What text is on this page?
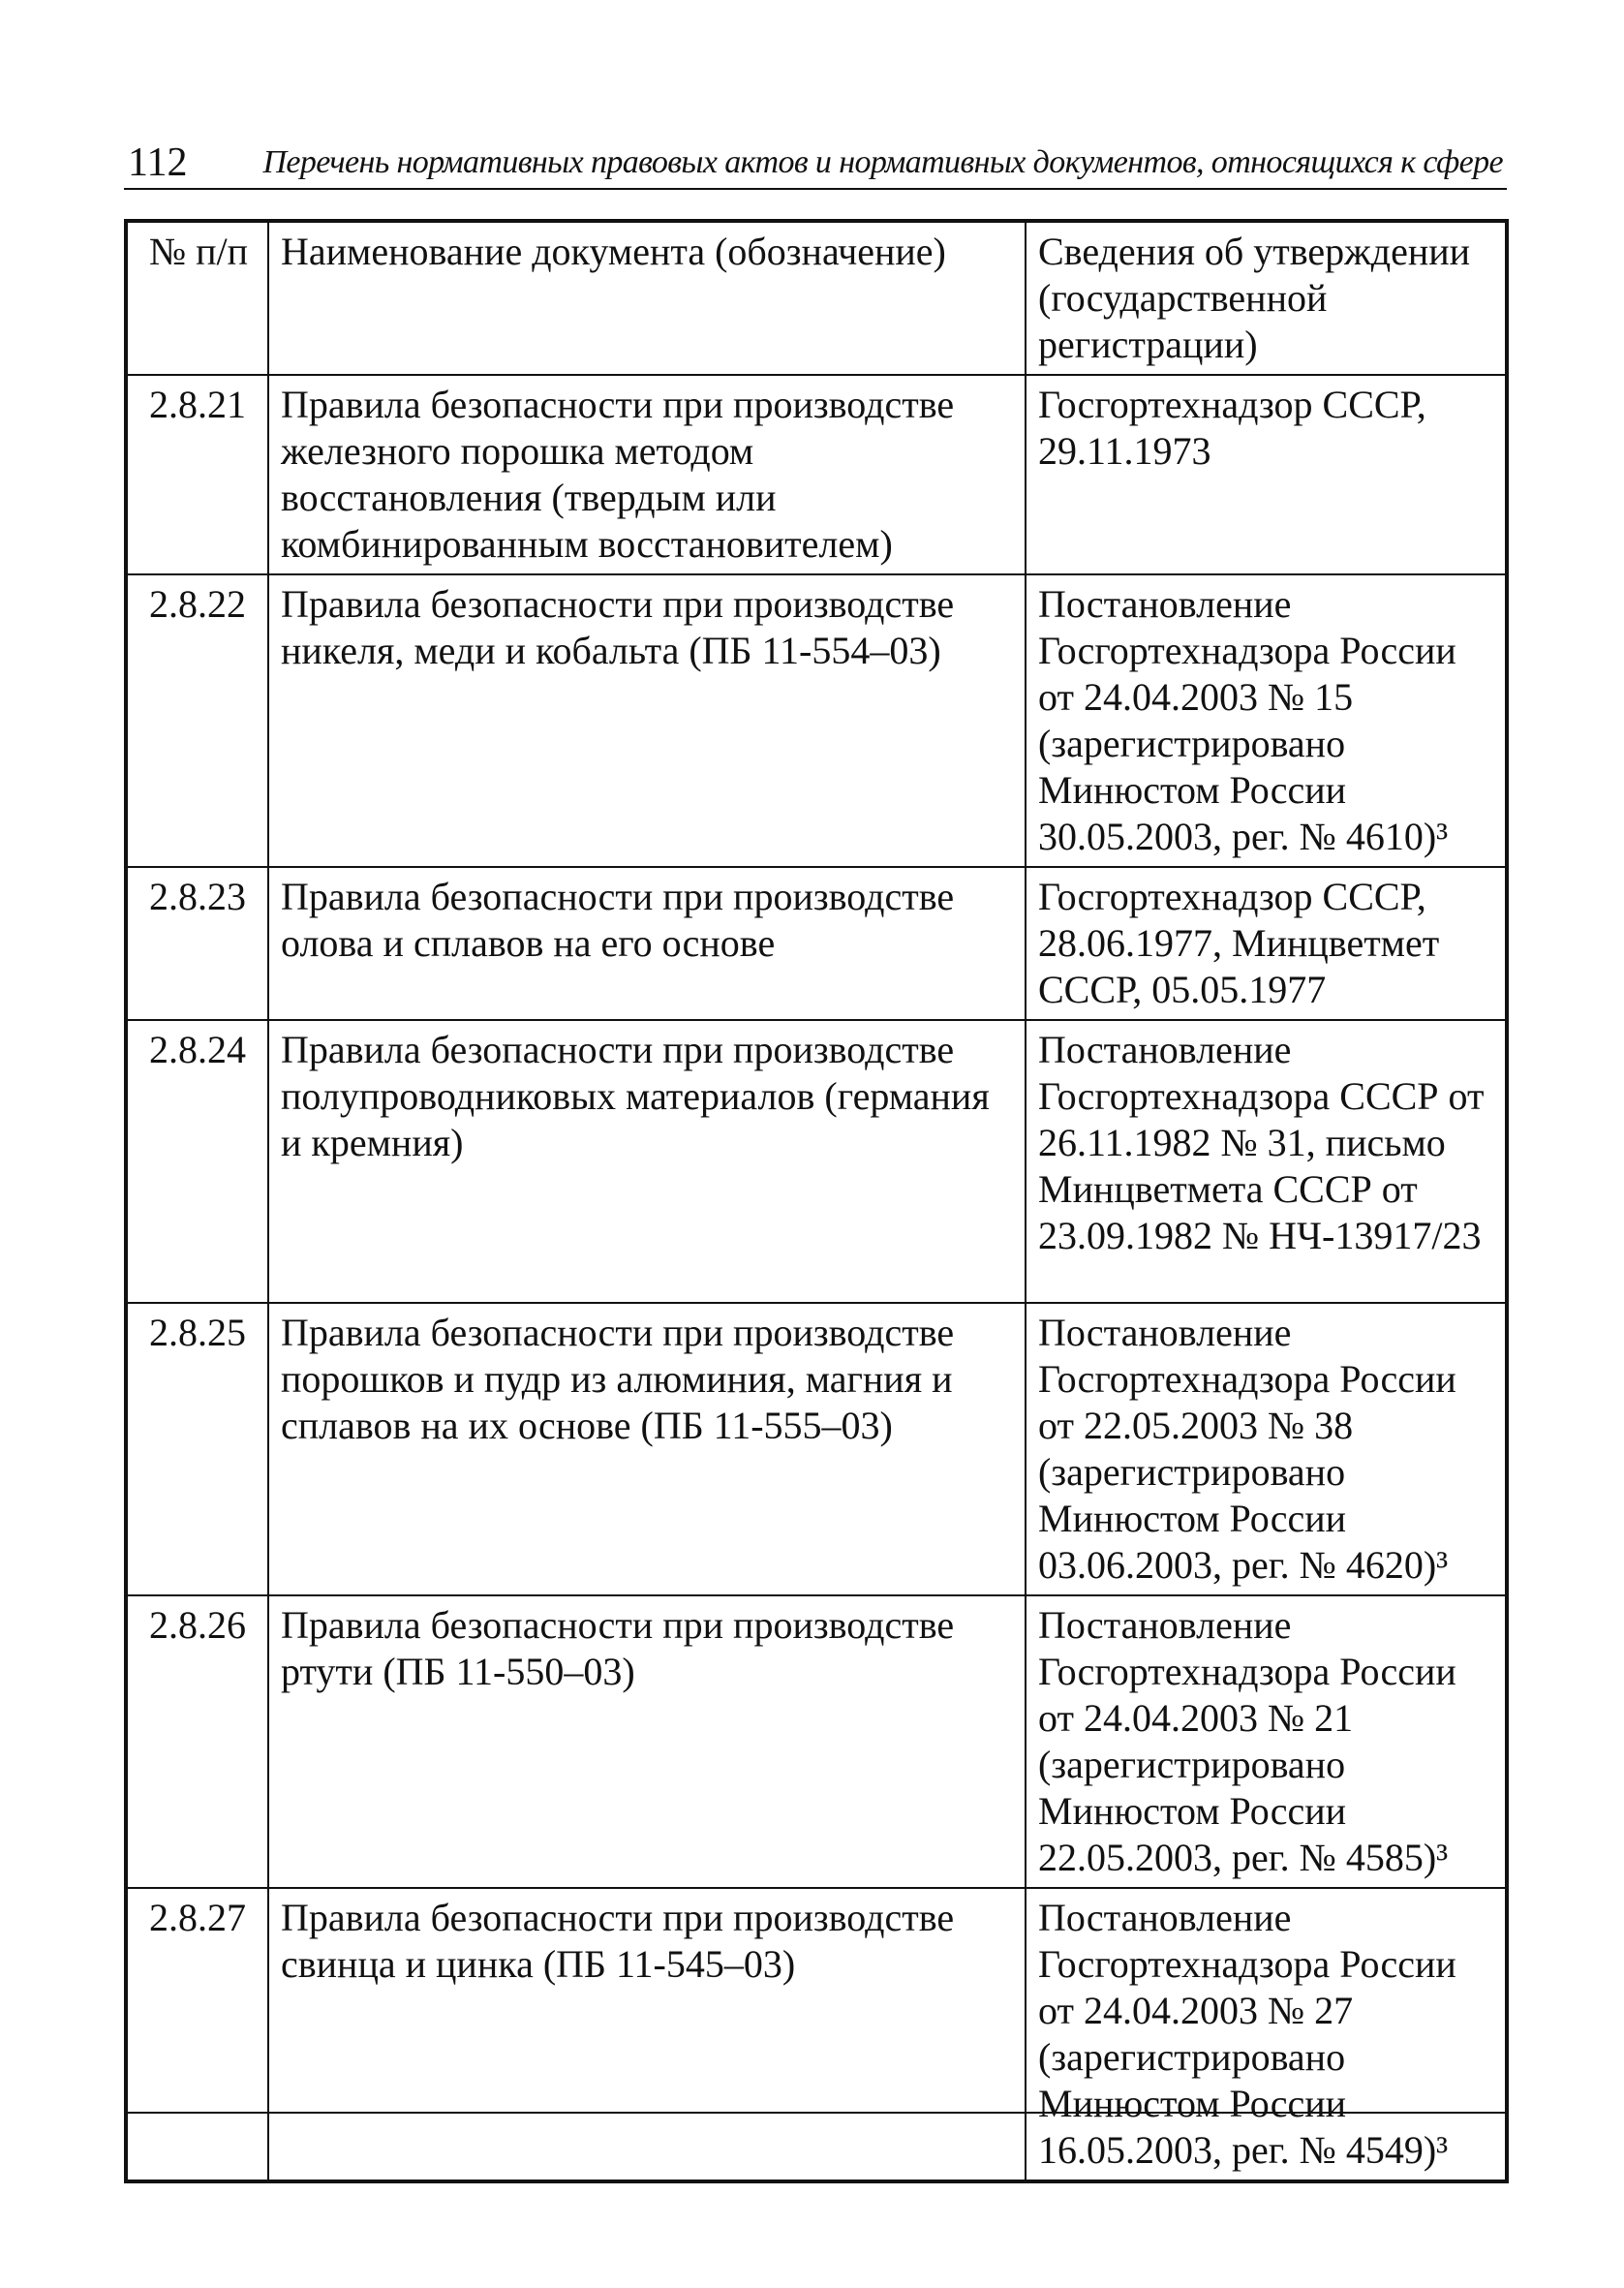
112 Перечень нормативных правовых актов и нормативных документов, относящихся к сфере
№ п/п	Наименование документа (обозначение)	Сведения об утверждении (государственной регистрации)
2.8.21	Правила безопасности при производстве железного порошка методом восстановления (твердым или комбинированным восстановителем)	Госгортехнадзор СССР, 29.11.1973
2.8.22	Правила безопасности при производстве никеля, меди и кобальта (ПБ 11-554–03)	Постановление Госгортехнадзора России от 24.04.2003 № 15 (зарегистрировано Минюстом России 30.05.2003, рег. № 4610)³
2.8.23	Правила безопасности при производстве олова и сплавов на его основе	Госгортехнадзор СССР, 28.06.1977, Минцветмет СССР, 05.05.1977
2.8.24	Правила безопасности при производстве полупроводниковых материалов (германия и кремния)	Постановление Госгортехнадзора СССР от 26.11.1982 № 31, письмо Минцветмета СССР от 23.09.1982 № НЧ-13917/23
2.8.25	Правила безопасности при производстве порошков и пудр из алюминия, магния и сплавов на их основе (ПБ 11-555–03)	Постановление Госгортехнадзора России от 22.05.2003 № 38 (зарегистрировано Минюстом России 03.06.2003, рег. № 4620)³
2.8.26	Правила безопасности при производстве ртути (ПБ 11-550–03)	Постановление Госгортехнадзора России от 24.04.2003 № 21 (зарегистрировано Минюстом России 22.05.2003, рег. № 4585)³
2.8.27	Правила безопасности при производстве свинца и цинка (ПБ 11-545–03)	Постановление Госгортехнадзора России от 24.04.2003 № 27 (зарегистрировано Минюстом России 16.05.2003, рег. № 4549)³
